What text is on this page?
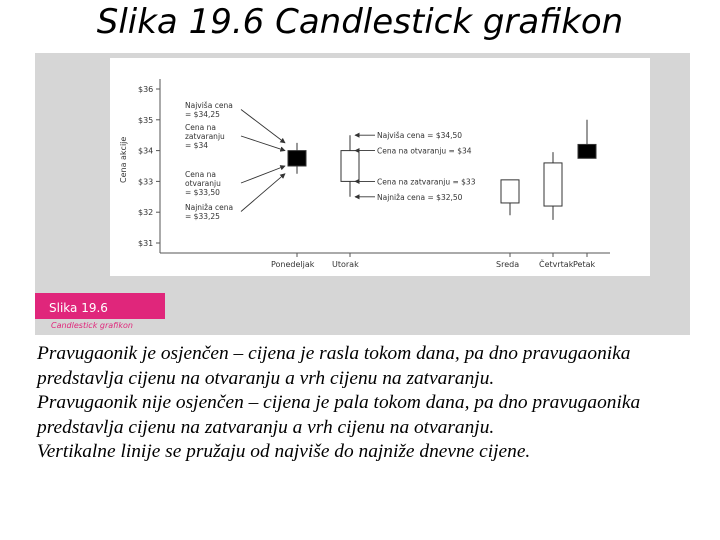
Slika 19.6 Candlestick grafikon
$36
$35
$34
$33
$32
$31
Cena akcije
Ponedeljak Utorak	Sreda Četvrtak Petak
Najviša cena
= $34,25
Cena na
zatvaranju
= $34
Cena na
otvaranju
= $33,50
Najniža cena
= $33,25
Najviša cena = $34,50
Cena na otvaranju = $34
Cena na zatvaranju = $33
Najniža cena = $32,50
Slika 19.6
Candlestick grafikon

Pravugaonik je osjenčen – cijena je rasla tokom dana, pa dno pravugaonika predstavlja cijenu na otvaranju a vrh cijenu na zatvaranju.

Pravugaonik nije osjenčen – cijena je pala tokom dana, pa dno pravugaonika predstavlja cijenu na zatvaranju a vrh cijenu na otvaranju.

Vertikalne linije se pružaju od najviše do najniže dnevne cijene.
